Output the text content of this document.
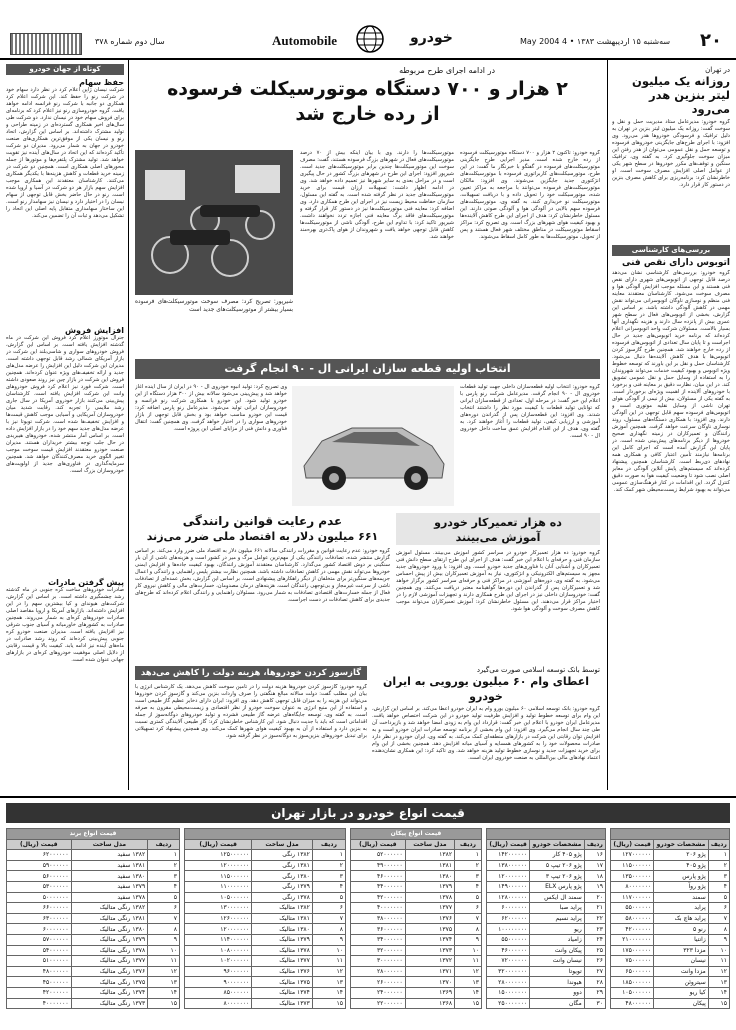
۲۰
سه‌شنبه ۱۵ اردیبهشت ۱۳۸۳ • 4 May 2004
خودرو
Automobile
سال دوم شماره ۳۷۸
در تهران
روزانه یک میلیون لیتر بنزین هدر می‌رود
گروه خودرو: مدیرعامل ستاد مدیریت حمل و نقل و سوخت گفت: روزانه یک میلیون لیتر بنزین در تهران به دلیل ترافیک و فرسودگی خودروها هدر می‌رود. وی افزود: با اجرای طرح‌های جایگزینی خودروهای فرسوده و توسعه حمل و نقل عمومی می‌توان از هدر رفتن این میزان سوخت جلوگیری کرد. به گفته وی، ترافیک سنگین و توقف‌های مکرر خودروها در سطح شهر یکی از عوامل اصلی افزایش مصرف سوخت است. او خاطرنشان کرد: برنامه‌ریزی برای کاهش مصرف بنزین در دستور کار قرار دارد.
بررسی‌های کارشناسی
اتوبوس دارای نقص فنی
گروه خودرو: بررسی‌های کارشناسی نشان می‌دهد درصد قابل توجهی از اتوبوس‌های شهری دارای نقص فنی هستند و این مسئله موجب افزایش آلودگی هوا و مصرف سوخت می‌شود. کارشناسان معتقدند معاینه فنی منظم و نوسازی ناوگان اتوبوسرانی می‌تواند نقش مهمی در کاهش آلودگی داشته باشد. بر اساس این گزارش، بخشی از اتوبوس‌های فعال در سطح شهر عمری بیش از پانزده سال دارند و هزینه نگهداری آنها بسیار بالاست. مسئولان شرکت واحد اتوبوسرانی اعلام کرده‌اند که برنامه خرید اتوبوس‌های جدید در حال اجراست و تا پایان سال تعدادی از اتوبوس‌های فرسوده از رده خارج خواهند شد. همچنین طرح گازسوز کردن اتوبوس‌ها با هدف کاهش آلاینده‌ها دنبال می‌شود. کارشناسان حمل و نقل بر این باورند که توسعه خطوط ویژه اتوبوس و بهبود کیفیت خدمات می‌تواند شهروندان را به استفاده از وسایل حمل و نقل عمومی تشویق کند. در این میان، نظارت دقیق بر معاینه فنی و برخورد با خودروهای آلاینده از اهمیت ویژه‌ای برخوردار است. به گفته یکی از مسئولان، بیش از نیمی از آلودگی هوای تهران ناشی از وسایل نقلیه موتوری است و اتوبوس‌های فرسوده سهم قابل توجهی در این آلودگی دارند. وی افزود: با همکاری دستگاه‌های مسئول، روند نوسازی ناوگان سرعت خواهد گرفت. همچنین آموزش رانندگان و تعمیرکاران در زمینه نگهداری صحیح خودروها از دیگر برنامه‌های پیش‌بینی شده است. در پایان این گزارش آمده است که اجرای کامل این برنامه‌ها نیازمند تأمین اعتبار کافی و همکاری همه نهادهای ذی‌ربط است. کارشناسان همچنین پیشنهاد کرده‌اند که سیستم‌های پایش آنلاین آلودگی در معابر اصلی نصب شود تا وضعیت کیفیت هوا به صورت دقیق کنترل گردد. این اقدامات در کنار فرهنگ‌سازی عمومی می‌تواند به بهبود شرایط زیست‌محیطی شهر کمک کند.
کوتاه از جهان خودرو
حفظ سهام
شرکت نیسان ژاپن اعلام کرد در نظر دارد سهام خود در شرکت رنو را حفظ کند. این شرکت اعلام کرد همکاری دو جانبه با شرکت رنو فرانسه ادامه خواهد یافت. گروه خودروسازی رنو نیز اعلام کرد که برنامه‌ای برای فروش سهام خود در نیسان ندارد. دو شرکت طی سال‌های اخیر همکاری گسترده‌ای در زمینه طراحی و تولید مشترک داشته‌اند. بر اساس این گزارش، اتحاد رنو و نیسان یکی از موفق‌ترین همکاری‌های صنعت خودرو در جهان به شمار می‌رود. مدیران دو شرکت تأکید کرده‌اند که این اتحاد در سال‌های آینده نیز تقویت خواهد شد. تولید مشترک پلتفرم‌ها و موتورها از جمله محورهای اصلی همکاری است. همچنین دو شرکت در زمینه خرید قطعات و کاهش هزینه‌ها با یکدیگر همکاری می‌کنند. کارشناسان معتقدند این همکاری موجب افزایش سهم بازار هر دو شرکت در آسیا و اروپا شده است. رنو در حال حاضر بخش قابل توجهی از سهام نیسان را در اختیار دارد و نیسان نیز سهامدار رنو است. این ساختار سهامداری متقابل پایه اصلی این اتحاد را تشکیل می‌دهد و ثبات آن را تضمین می‌کند.
افزایش فروش
جنرال موتورز اعلام کرد فروش این شرکت در ماه گذشته افزایش یافته است. بر اساس این گزارش، فروش خودروهای سواری و شاسی‌بلند این شرکت در بازار آمریکای شمالی رشد قابل توجهی داشته است. مدیران این شرکت دلیل این افزایش را عرضه مدل‌های جدید و ارائه تخفیف‌های ویژه عنوان کرده‌اند. همچنین فروش این شرکت در بازار چین نیز روند صعودی داشته است. شرکت فورد نیز اعلام کرد فروش خودروهای وانت این شرکت افزایش یافته است. کارشناسان پیش‌بینی می‌کنند بازار خودروی آمریکا در سال جاری رشد ملایمی را تجربه کند. رقابت شدید میان خودروسازان آمریکایی و آسیایی موجب کاهش قیمت‌ها و افزایش تخفیف‌ها شده است. شرکت تویوتا نیز با عرضه مدل‌های جدید سهم خود را در بازار افزایش داده است. بر اساس آمار منتشر شده، خودروهای هیبریدی در حال جلب توجه بیشتر خریداران هستند. مدیران صنعت خودرو معتقدند افزایش قیمت سوخت موجب تغییر الگوی خرید مصرف‌کنندگان خواهد شد. همچنین سرمایه‌گذاری در فناوری‌های جدید از اولویت‌های خودروسازان بزرگ است.
پیش گرفتن مادرات
صادرات خودروهای ساخت کره جنوبی در ماه گذشته رشد چشمگیری داشته است. بر اساس این گزارش، شرکت‌های هیوندای و کیا بیشترین سهم را در این افزایش داشته‌اند. بازارهای آمریکا و اروپا مقاصد اصلی صادرات خودروهای کره‌ای به شمار می‌روند. همچنین صادرات به کشورهای خاورمیانه و آسیای جنوب شرقی نیز افزایش یافته است. مدیران صنعت خودرو کره جنوبی پیش‌بینی کرده‌اند که روند رشد صادرات در ماه‌های آینده نیز ادامه یابد. کیفیت بالا و قیمت رقابتی از دلایل اصلی موفقیت خودروهای کره‌ای در بازارهای جهانی عنوان شده است.
در ادامه اجرای طرح مربوطه
۲ هزار و ۷۰۰ دستگاه موتورسیکلت فرسوده
از رده خارج شد
گروه خودرو: تاکنون ۲ هزار و ۷۰۰ دستگاه موتورسیکلت فرسوده از رده خارج شده است. مدیر اجرایی طرح جایگزینی موتورسیکلت‌های فرسوده در گفتگو با خبرنگار ما گفت: در این طرح، موتورسیکلت‌های کاربراتوری فرسوده با موتورسیکلت‌های انژکتوری جدید جایگزین می‌شوند. وی افزود: مالکان موتورسیکلت‌های فرسوده می‌توانند با مراجعه به مراکز تعیین شده، موتورسیکلت خود را تحویل داده و با دریافت تسهیلات، موتورسیکلت نو خریداری کنند. به گفته وی، موتورسیکلت‌های فرسوده سهم بالایی در آلودگی هوا و آلودگی صوتی دارند. این مسئول خاطرنشان کرد: هدف از اجرای این طرح کاهش آلاینده‌ها و بهبود کیفیت هوای شهرهای بزرگ است. وی تصریح کرد: مراکز اسقاط موتورسیکلت در مناطق مختلف شهر فعال هستند و پس از تحویل، موتورسیکلت‌ها به طور کامل اسقاط می‌شوند.
موتورسیکلت‌ها را دارند. وی با بیان اینکه بیش از ۷۰ درصد موتورسیکلت‌های فعال در شهرهای بزرگ فرسوده هستند، گفت: مصرف سوخت این موتورسیکلت‌ها چندین برابر موتورسیکلت‌های جدید است. شیرپور افزود: اجرای این طرح در شهرهای بزرگ کشور در حال پیگیری است و در مراحل بعدی به سایر شهرها نیز تعمیم داده خواهد شد. وی در ادامه اظهار داشت: تسهیلات ارزان قیمت برای خرید موتورسیکلت‌های جدید در نظر گرفته شده است. به گفته این مسئول، سازمان حفاظت محیط زیست نیز در اجرای این طرح همکاری دارد. وی اضافه کرد: معاینه فنی موتورسیکلت‌ها نیز در دستور کار قرار گرفته و موتورسیکلت‌های فاقد برگ معاینه فنی اجازه تردد نخواهند داشت. شیرپور تاکید کرد: با تداوم این طرح، آلودگی ناشی از موتورسیکلت‌ها کاهش قابل توجهی خواهد یافت و شهروندان از هوای پاک‌تری بهره‌مند خواهند شد.
شیرپور: تصریح کرد: مصرف سوخت موتورسیکلت‌های فرسوده بسیار بیشتر از موتورسیکلت‌های جدید است
انتخاب اولیه قطعه سازان ایرانی ال - ۹۰ انجام گرفت
گروه خودرو: انتخاب اولیه قطعه‌سازان داخلی جهت تولید قطعات خودروی ال - ۹۰ انجام گرفت. مدیرعامل شرکت رنو پارس با اعلام این خبر گفت: در مرحله اول، تعدادی از قطعه‌سازان ایرانی که توانایی تولید قطعات با کیفیت مورد نظر را داشتند انتخاب شدند. وی افزود: این قطعه‌سازان پس از گذراندن دوره‌های آموزشی و ارزیابی کیفی، تولید قطعات را آغاز خواهند کرد. به گفته وی، هدف از این اقدام افزایش عمق ساخت داخل خودروی ال - ۹۰ است.
وی تصریح کرد: تولید انبوه خودروی ال - ۹۰ در ایران از سال آینده آغاز خواهد شد و پیش‌بینی می‌شود سالانه بیش از ۳۰۰ هزار دستگاه از این خودرو تولید شود. این خودرو با همکاری شرکت رنو فرانسه و خودروسازان ایرانی تولید می‌شود. مدیرعامل رنو پارس اضافه کرد: قیمت این خودرو مناسب خواهد بود و بخش قابل توجهی از بازار خودروهای سواری را در اختیار خواهد گرفت. وی همچنین گفت: انتقال فناوری و دانش فنی از مزایای اصلی این پروژه است.
عدم رعایت قوانین رانندگی
۶۶۱ میلیون دلار به اقتصاد ملی ضرر می‌زند
گروه خودرو: عدم رعایت قوانین و مقررات رانندگی سالانه ۶۶۱ میلیون دلار به اقتصاد ملی ضرر وارد می‌کند. بر اساس گزارش منتشر شده، تصادفات رانندگی یکی از مهم‌ترین عوامل مرگ و میر در کشور است و هزینه‌های ناشی از آن بار سنگینی بر دوش اقتصاد کشور می‌گذارد. کارشناسان معتقدند آموزش رانندگان، بهبود کیفیت جاده‌ها و افزایش ایمنی خودروها می‌تواند نقش مهمی در کاهش تصادفات داشته باشد. همچنین نظارت بیشتر پلیس راهنمایی و رانندگی و اعمال جریمه‌های سنگین‌تر برای متخلفان از دیگر راهکارهای پیشنهادی است. بر اساس این گزارش، بخش عمده‌ای از تصادفات ناشی از سرعت غیرمجاز و بی‌توجهی رانندگان است. هزینه‌های درمان مصدومان، خسارت‌های مالی و کاهش نیروی کار فعال از جمله خسارت‌های اقتصادی تصادفات به شمار می‌رود. مسئولان راهنمایی و رانندگی اعلام کرده‌اند که طرح‌های جدیدی برای کاهش تصادفات در دست اجراست.
ده هزار تعمیرکار خودرو
آموزش می‌بینند
گروه خودرو: ده هزار تعمیرکار خودرو در سراسر کشور آموزش می‌بینند. مسئول آموزش سازمان فنی و حرفه‌ای با اعلام این خبر گفت: هدف از اجرای این طرح ارتقای سطح دانش فنی تعمیرکاران و آشنایی آنان با فناوری‌های جدید خودرو است. وی افزود: با ورود خودروهای جدید مجهز به سیستم‌های الکترونیکی و انژکتوری، نیاز به آموزش تعمیرکاران بیش از پیش احساس می‌شود. به گفته وی، دوره‌های آموزشی در مراکز فنی و حرفه‌ای سراسر کشور برگزار خواهد شد و تعمیرکاران پس از گذراندن این دوره‌ها گواهینامه معتبر دریافت می‌کنند. وی همچنین گفت: خودروسازان داخلی نیز در اجرای این طرح همکاری دارند و تجهیزات آموزشی لازم را در اختیار مراکز قرار می‌دهند. این مسئول خاطرنشان کرد: آموزش تعمیرکاران می‌تواند موجب کاهش مصرف سوخت و آلودگی هوا شود.
گازسوز کردن خودروها، هزینه دولت را کاهش می‌دهد
گروه خودرو: گازسوز کردن خودروها هزینه دولت را در تأمین سوخت کاهش می‌دهد. یک کارشناس انرژی با بیان این مطلب گفت: دولت سالانه مبالغ هنگفتی را صرف واردات بنزین می‌کند و گازسوز کردن خودروها می‌تواند این هزینه را به میزان قابل توجهی کاهش دهد. وی افزود: ایران دارای ذخایر عظیم گاز طبیعی است و استفاده از این منبع انرژی به عنوان سوخت خودرو از نظر اقتصادی و زیست‌محیطی مقرون به صرفه است. به گفته وی، توسعه جایگاه‌های عرضه گاز طبیعی فشرده و تولید خودروهای دوگانه‌سوز از جمله اقداماتی است که باید با جدیت دنبال شود. این کارشناس خاطرنشان کرد: گاز طبیعی آلایندگی کمتری نسبت به بنزین دارد و استفاده از آن به بهبود کیفیت هوای شهرها کمک می‌کند. وی همچنین پیشنهاد کرد تسهیلاتی برای تبدیل خودروهای بنزین‌سوز به دوگانه‌سوز در نظر گرفته شود.
توسط بانک توسعه اسلامی صورت می‌گیرد
اعطای وام ۶۰ میلیون یورویی به ایران خودرو
گروه خودرو: بانک توسعه اسلامی ۶۰ میلیون یورو وام به ایران خودرو اعطا می‌کند. بر اساس این گزارش، این وام برای توسعه خطوط تولید و افزایش ظرفیت تولید خودرو در این شرکت اختصاص خواهد یافت. مدیرعامل ایران خودرو با اعلام این خبر گفت: قرارداد این وام به زودی امضا خواهد شد و بازپرداخت آن طی چند سال انجام می‌گیرد. وی افزود: این وام بخشی از برنامه توسعه صادرات ایران خودرو است و به افزایش توان رقابتی این شرکت در بازارهای منطقه‌ای کمک می‌کند. به گفته وی، ایران خودرو در نظر دارد صادرات محصولات خود را به کشورهای همسایه و آسیای میانه افزایش دهد. همچنین بخشی از این وام برای خرید تجهیزات جدید و نوسازی خطوط تولید هزینه خواهد شد. وی تاکید کرد: این همکاری نشان‌دهنده اعتماد نهادهای مالی بین‌المللی به صنعت خودروی ایران است.
قیمت انواع خودرو در بازار تهران

ردیف	مشخصات خودرو	قیمت (ریال)
۱	پژو ۲۰۶	۱۲۷۰۰۰۰۰۰
۲	پژو ۴۰۵	۱۱۵۰۰۰۰۰۰
۳	پژو پارس	۱۳۵۰۰۰۰۰۰
۴	پژو روآ	۸۰۰۰۰۰۰۰
۵	سمند	۱۱۷۰۰۰۰۰۰
۶	پراید	۵۵۰۰۰۰۰۰
۷	پراید هاچ بک	۵۸۰۰۰۰۰۰
۸	رنو ۵	۴۲۰۰۰۰۰۰
۹	زانتیا	۲۱۰۰۰۰۰۰۰
۱۰	مزدا ۳۲۳	۱۷۵۰۰۰۰۰۰
۱۱	نیسان	۷۵۰۰۰۰۰۰
۱۲	مزدا وانت	۶۵۰۰۰۰۰۰
۱۳	سیتروئن	۱۸۵۰۰۰۰۰۰
۱۴	کیا ریو	۱۰۵۰۰۰۰۰۰
۱۵	پیکان	۴۸۰۰۰۰۰۰

ردیف	مشخصات خودرو	قیمت (ریال)
۱۶	پژو ۴۰۵ کار	۱۴۲۰۰۰۰۰۰
۱۷	پژو ۲۰۶ تیپ ۵	۱۳۸۰۰۰۰۰۰
۱۸	پژو ۲۰۶ تیپ ۳	۱۲۰۰۰۰۰۰۰
۱۹	پژو پارس ELX	۱۴۹۰۰۰۰۰۰
۲۰	سمند ال ایکس	۱۲۸۰۰۰۰۰۰
۲۱	پراید صبا	۶۰۰۰۰۰۰۰
۲۲	پراید نسیم	۶۲۰۰۰۰۰۰
۲۳	ریو	۱۰۰۰۰۰۰۰۰
۲۴	زامیاد	۵۵۰۰۰۰۰۰
۲۵	پیکان وانت	۴۶۰۰۰۰۰۰
۲۶	نیسان وانت	۷۲۰۰۰۰۰۰
۲۷	تویوتا	۳۲۰۰۰۰۰۰۰
۲۸	هیوندا	۲۸۰۰۰۰۰۰۰
۲۹	دوو	۱۵۰۰۰۰۰۰۰
۳۰	مگان	۲۵۰۰۰۰۰۰۰
قیمت انواع پیکان		
ردیف	مدل ساخت	قیمت (ریال)
۱	۱۳۸۲	۵۲۰۰۰۰۰۰
۲	۱۳۸۱	۴۹۰۰۰۰۰۰
۳	۱۳۸۰	۴۶۰۰۰۰۰۰
۴	۱۳۷۹	۴۴۰۰۰۰۰۰
۵	۱۳۷۸	۴۲۰۰۰۰۰۰
۶	۱۳۷۷	۴۰۰۰۰۰۰۰
۷	۱۳۷۶	۳۸۰۰۰۰۰۰
۸	۱۳۷۵	۳۶۰۰۰۰۰۰
۹	۱۳۷۴	۳۴۰۰۰۰۰۰
۱۰	۱۳۷۳	۳۲۰۰۰۰۰۰
۱۱	۱۳۷۲	۳۰۰۰۰۰۰۰
۱۲	۱۳۷۱	۲۸۰۰۰۰۰۰
۱۳	۱۳۷۰	۲۶۰۰۰۰۰۰
۱۴	۱۳۶۹	۲۴۰۰۰۰۰۰
۱۵	۱۳۶۸	۲۲۰۰۰۰۰۰

ردیف	مدل ساخت	قیمت (ریال)
۱	۱۳۸۲ رنگی	۱۲۵۰۰۰۰۰۰
۲	۱۳۸۱ رنگی	۱۲۰۰۰۰۰۰۰
۳	۱۳۸۰ رنگی	۱۱۵۰۰۰۰۰۰
۴	۱۳۷۹ رنگی	۱۱۰۰۰۰۰۰۰
۵	۱۳۷۸ رنگی	۱۰۵۰۰۰۰۰۰
۶	۱۳۸۲ متالیک	۱۳۰۰۰۰۰۰۰
۷	۱۳۸۱ متالیک	۱۲۶۰۰۰۰۰۰
۸	۱۳۸۰ متالیک	۱۲۰۰۰۰۰۰۰
۹	۱۳۷۹ متالیک	۱۱۴۰۰۰۰۰۰
۱۰	۱۳۷۸ متالیک	۱۰۸۰۰۰۰۰۰
۱۱	۱۳۷۷ متالیک	۱۰۲۰۰۰۰۰۰
۱۲	۱۳۷۶ متالیک	۹۶۰۰۰۰۰۰
۱۳	۱۳۷۵ متالیک	۹۰۰۰۰۰۰۰
۱۴	۱۳۷۴ متالیک	۸۵۰۰۰۰۰۰
۱۵	۱۳۷۳ متالیک	۸۰۰۰۰۰۰۰
قیمت انواع برند		
ردیف	مدل ساخت	قیمت (ریال)
۱	۱۳۸۲ سفید	۶۲۰۰۰۰۰۰
۲	۱۳۸۱ سفید	۵۹۰۰۰۰۰۰
۳	۱۳۸۰ سفید	۵۶۰۰۰۰۰۰
۴	۱۳۷۹ سفید	۵۳۰۰۰۰۰۰
۵	۱۳۷۸ سفید	۵۰۰۰۰۰۰۰
۶	۱۳۸۲ رنگی متالیک	۶۶۰۰۰۰۰۰
۷	۱۳۸۱ رنگی متالیک	۶۳۰۰۰۰۰۰
۸	۱۳۸۰ رنگی متالیک	۶۰۰۰۰۰۰۰
۹	۱۳۷۹ رنگی متالیک	۵۷۰۰۰۰۰۰
۱۰	۱۳۷۸ رنگی متالیک	۵۴۰۰۰۰۰۰
۱۱	۱۳۷۷ رنگی متالیک	۵۱۰۰۰۰۰۰
۱۲	۱۳۷۶ رنگی متالیک	۴۸۰۰۰۰۰۰
۱۳	۱۳۷۵ رنگی متالیک	۴۵۰۰۰۰۰۰
۱۴	۱۳۷۴ رنگی متالیک	۴۲۰۰۰۰۰۰
۱۵	۱۳۷۳ رنگی متالیک	۴۰۰۰۰۰۰۰
